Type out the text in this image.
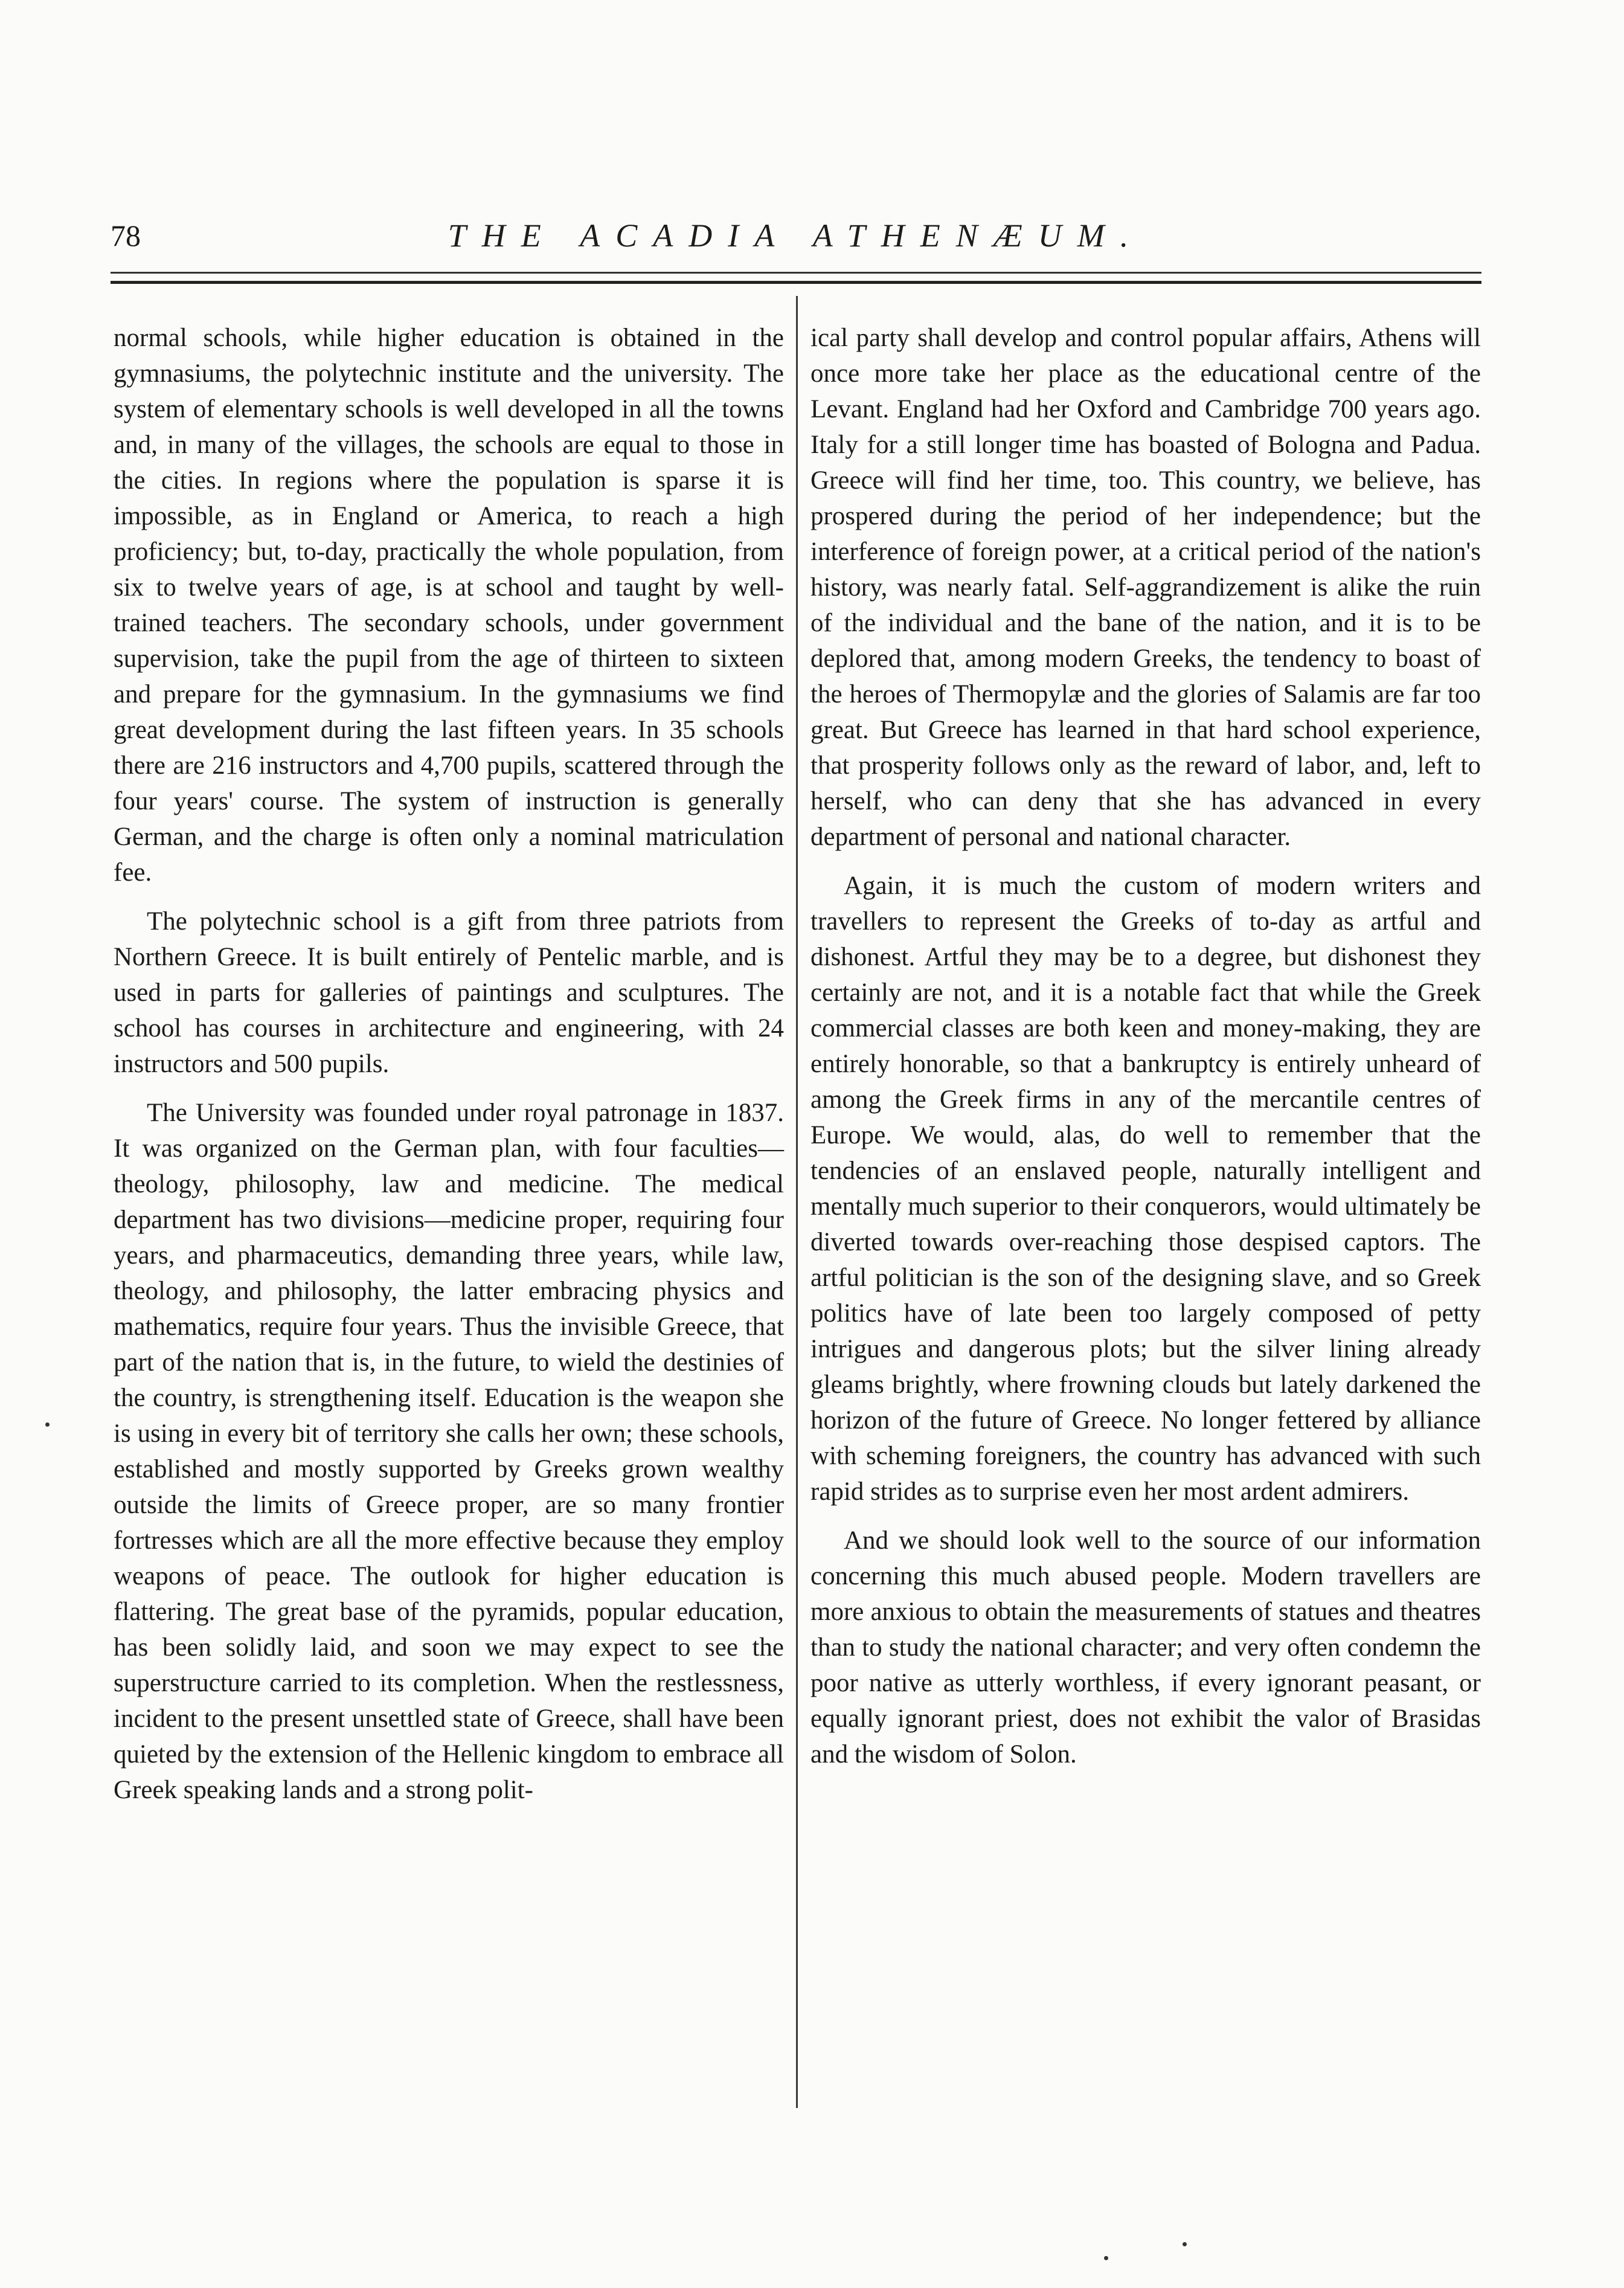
78	THE ACADIA ATHENÆUM.

normal schools, while higher education is obtained in the gymnasiums, the polytechnic institute and the university. The system of elementary schools is well developed in all the towns and, in many of the villages, the schools are equal to those in the cities. In regions where the population is sparse it is impossible, as in England or America, to reach a high proficiency; but, to-day, practically the whole population, from six to twelve years of age, is at school and taught by well-trained teachers. The secondary schools, under government supervision, take the pupil from the age of thirteen to sixteen and prepare for the gymnasium. In the gymnasiums we find great development during the last fifteen years. In 35 schools there are 216 instructors and 4,700 pupils, scattered through the four years' course. The system of instruction is generally German, and the charge is often only a nominal matriculation fee.

The polytechnic school is a gift from three patriots from Northern Greece. It is built entirely of Pentelic marble, and is used in parts for galleries of paintings and sculptures. The school has courses in architecture and engineering, with 24 instructors and 500 pupils.

The University was founded under royal patronage in 1837. It was organized on the German plan, with four faculties—theology, philosophy, law and medicine. The medical department has two divisions—medicine proper, requiring four years, and pharmaceutics, demanding three years, while law, theology, and philosophy, the latter embracing physics and mathematics, require four years. Thus the invisible Greece, that part of the nation that is, in the future, to wield the destinies of the country, is strengthening itself. Education is the weapon she is using in every bit of territory she calls her own; these schools, established and mostly supported by Greeks grown wealthy outside the limits of Greece proper, are so many frontier fortresses which are all the more effective because they employ weapons of peace. The outlook for higher education is flattering. The great base of the pyramids, popular education, has been solidly laid, and soon we may expect to see the superstructure carried to its completion. When the restlessness, incident to the present unsettled state of Greece, shall have been quieted by the extension of the Hellenic kingdom to embrace all Greek speaking lands and a strong polit-

ical party shall develop and control popular affairs, Athens will once more take her place as the educational centre of the Levant. England had her Oxford and Cambridge 700 years ago. Italy for a still longer time has boasted of Bologna and Padua. Greece will find her time, too. This country, we believe, has prospered during the period of her independence; but the interference of foreign power, at a critical period of the nation's history, was nearly fatal. Self-aggrandizement is alike the ruin of the individual and the bane of the nation, and it is to be deplored that, among modern Greeks, the tendency to boast of the heroes of Thermopylæ and the glories of Salamis are far too great. But Greece has learned in that hard school experience, that prosperity follows only as the reward of labor, and, left to herself, who can deny that she has advanced in every department of personal and national character.

Again, it is much the custom of modern writers and travellers to represent the Greeks of to-day as artful and dishonest. Artful they may be to a degree, but dishonest they certainly are not, and it is a notable fact that while the Greek commercial classes are both keen and money-making, they are entirely honorable, so that a bankruptcy is entirely unheard of among the Greek firms in any of the mercantile centres of Europe. We would, alas, do well to remember that the tendencies of an enslaved people, naturally intelligent and mentally much superior to their conquerors, would ultimately be diverted towards over-reaching those despised captors. The artful politician is the son of the designing slave, and so Greek politics have of late been too largely composed of petty intrigues and dangerous plots; but the silver lining already gleams brightly, where frowning clouds but lately darkened the horizon of the future of Greece. No longer fettered by alliance with scheming foreigners, the country has advanced with such rapid strides as to surprise even her most ardent admirers.

And we should look well to the source of our information concerning this much abused people. Modern travellers are more anxious to obtain the measurements of statues and theatres than to study the national character; and very often condemn the poor native as utterly worthless, if every ignorant peasant, or equally ignorant priest, does not exhibit the valor of Brasidas and the wisdom of Solon.
